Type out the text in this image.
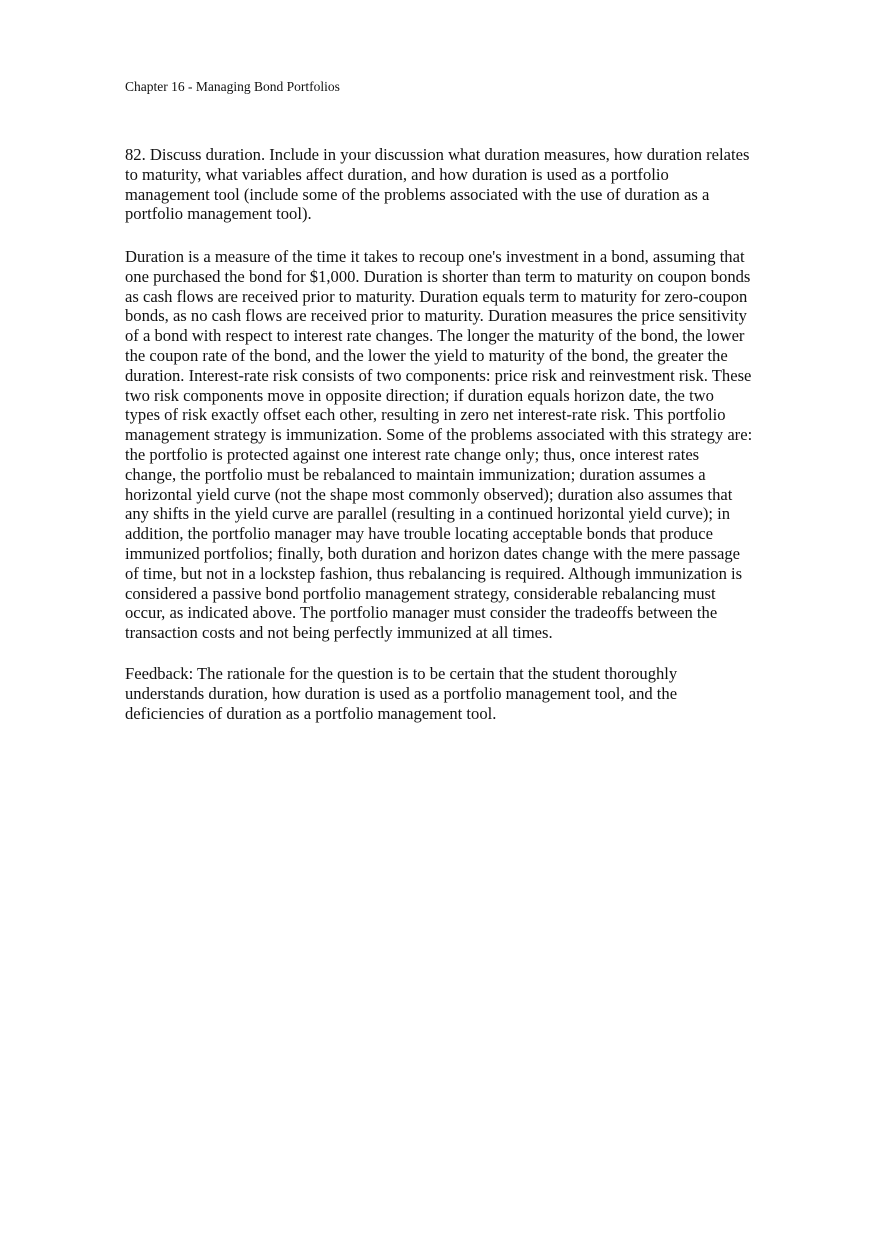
Chapter 16 - Managing Bond Portfolios

82. Discuss duration. Include in your discussion what duration measures, how duration relates
to maturity, what variables affect duration, and how duration is used as a portfolio
management tool (include some of the problems associated with the use of duration as a
portfolio management tool).

Duration is a measure of the time it takes to recoup one's investment in a bond, assuming that
one purchased the bond for $1,000. Duration is shorter than term to maturity on coupon bonds
as cash flows are received prior to maturity. Duration equals term to maturity for zero-coupon
bonds, as no cash flows are received prior to maturity. Duration measures the price sensitivity
of a bond with respect to interest rate changes. The longer the maturity of the bond, the lower
the coupon rate of the bond, and the lower the yield to maturity of the bond, the greater the
duration. Interest-rate risk consists of two components: price risk and reinvestment risk. These
two risk components move in opposite direction; if duration equals horizon date, the two
types of risk exactly offset each other, resulting in zero net interest-rate risk. This portfolio
management strategy is immunization. Some of the problems associated with this strategy are:
the portfolio is protected against one interest rate change only; thus, once interest rates
change, the portfolio must be rebalanced to maintain immunization; duration assumes a
horizontal yield curve (not the shape most commonly observed); duration also assumes that
any shifts in the yield curve are parallel (resulting in a continued horizontal yield curve); in
addition, the portfolio manager may have trouble locating acceptable bonds that produce
immunized portfolios; finally, both duration and horizon dates change with the mere passage
of time, but not in a lockstep fashion, thus rebalancing is required. Although immunization is
considered a passive bond portfolio management strategy, considerable rebalancing must
occur, as indicated above. The portfolio manager must consider the tradeoffs between the
transaction costs and not being perfectly immunized at all times.

Feedback: The rationale for the question is to be certain that the student thoroughly
understands duration, how duration is used as a portfolio management tool, and the
deficiencies of duration as a portfolio management tool.
